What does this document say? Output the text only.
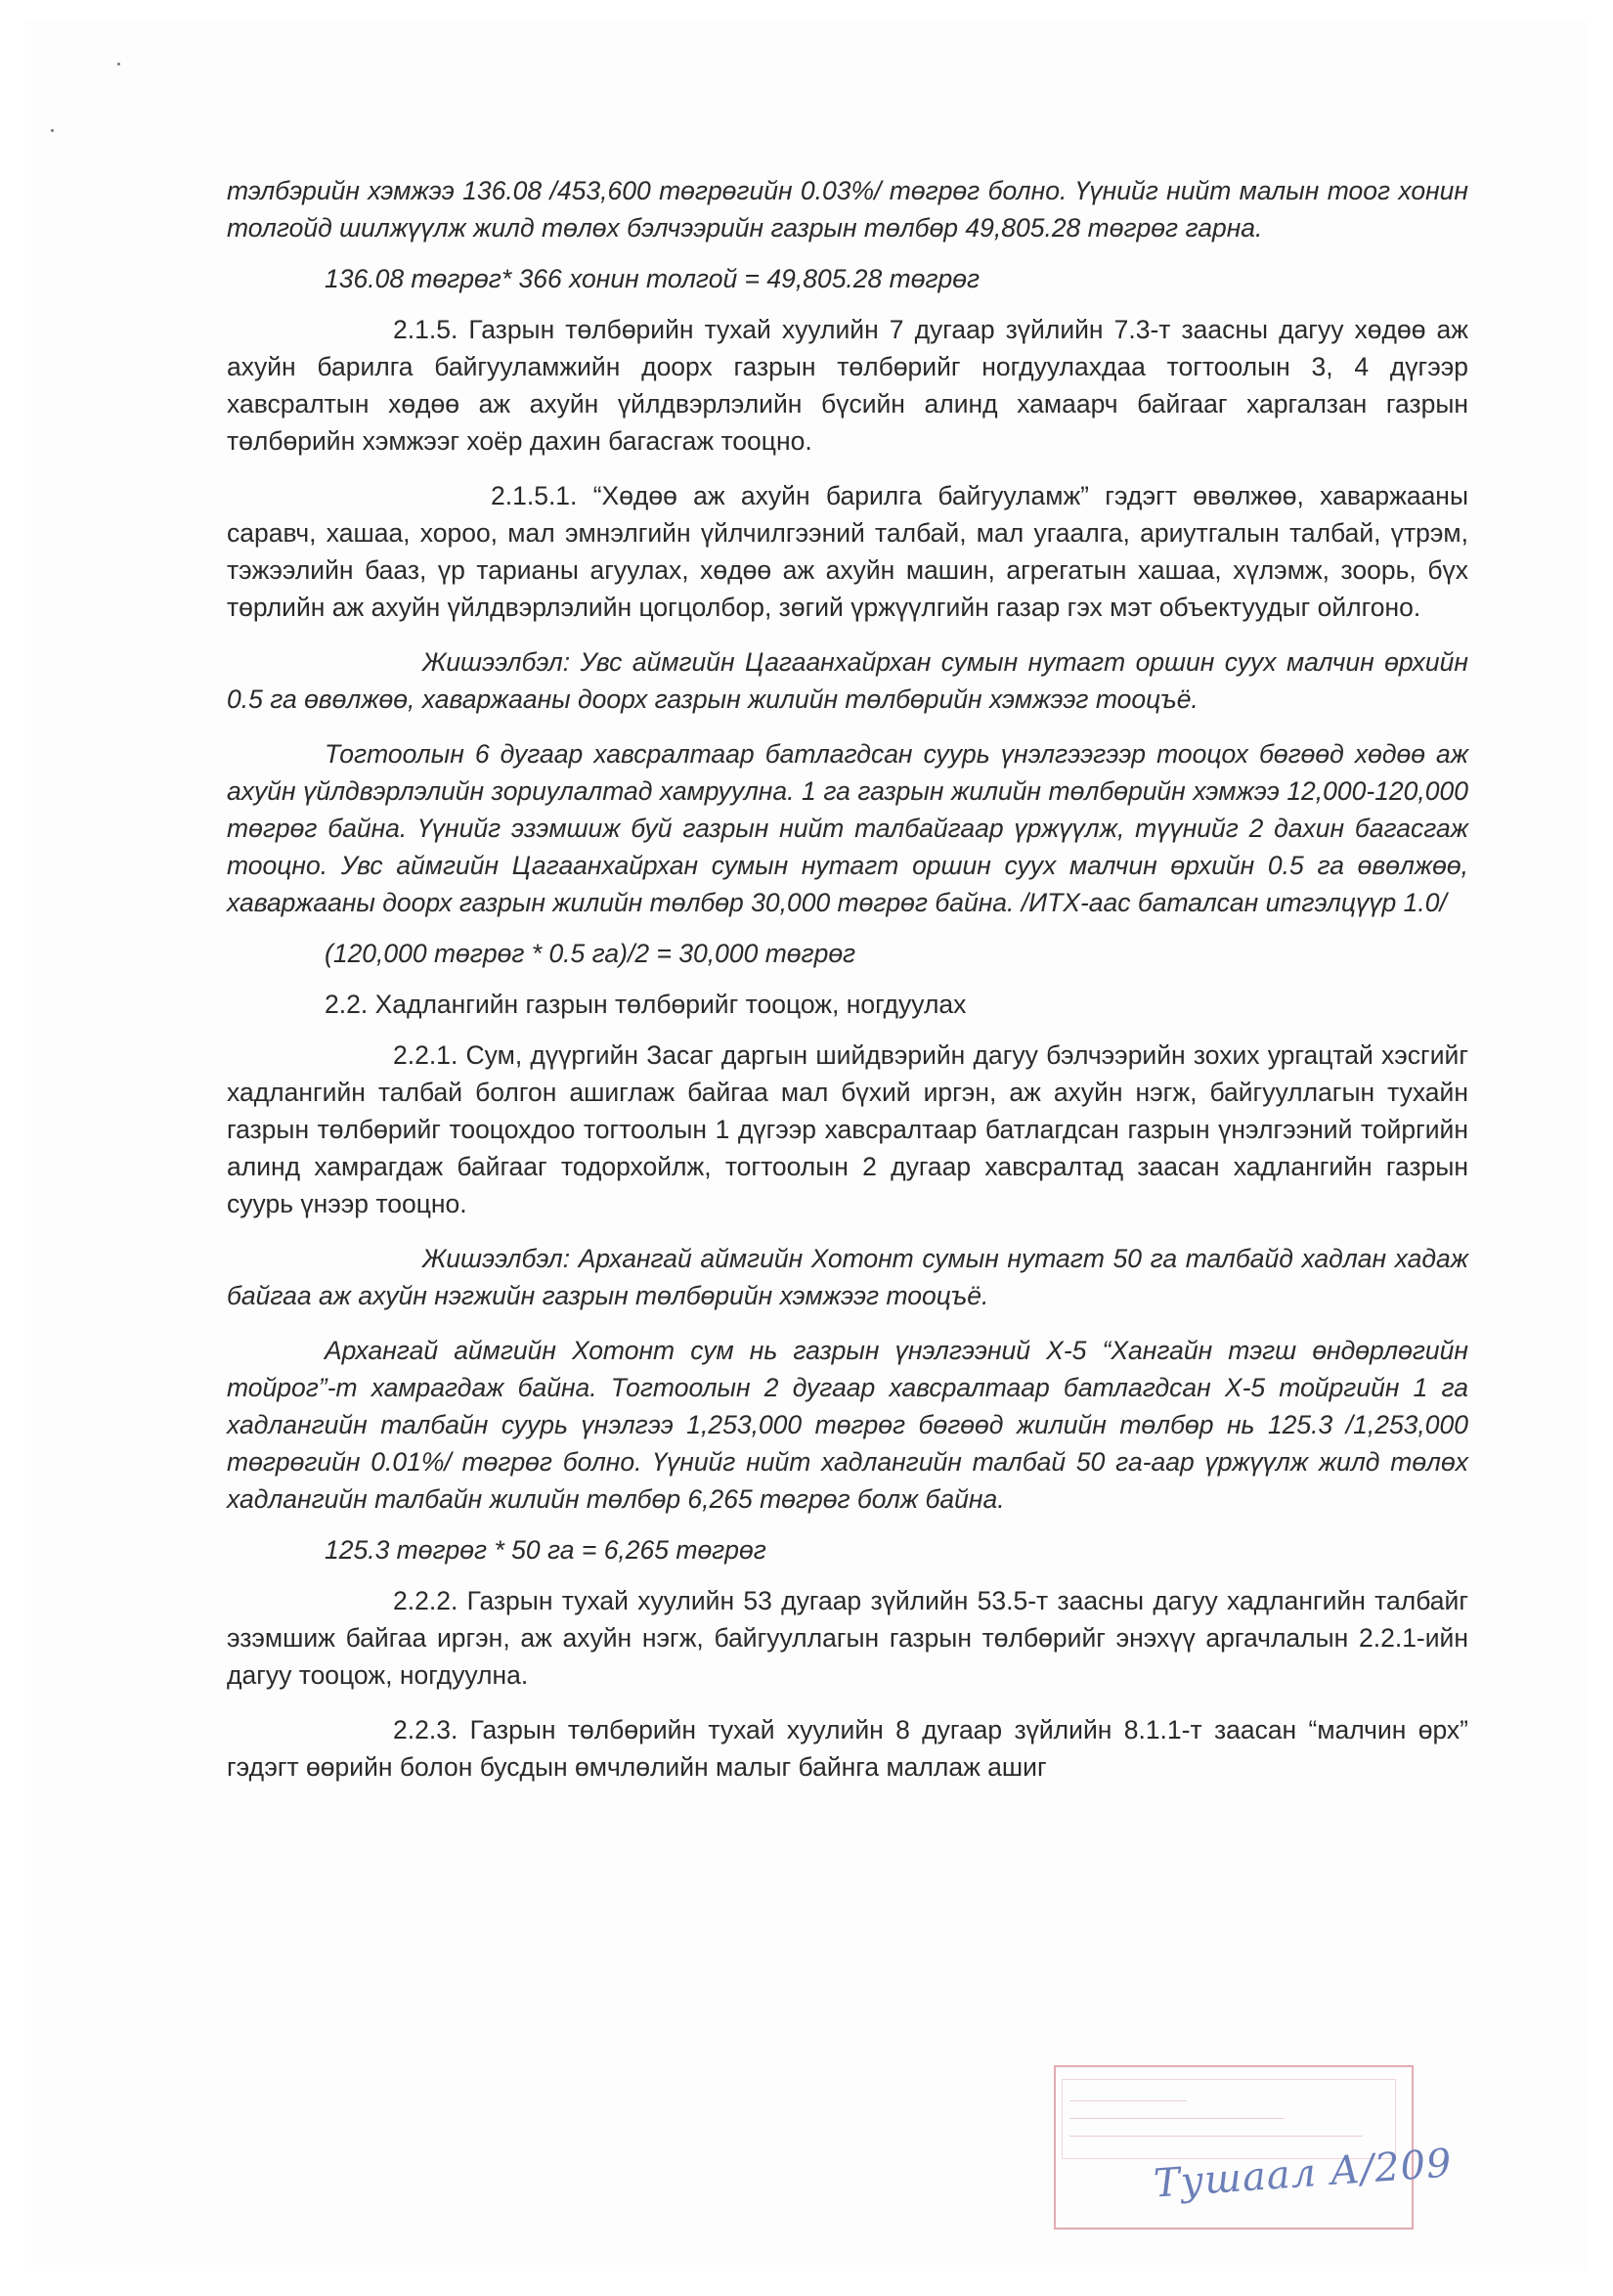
тэлбэрийн хэмжээ 136.08 /453,600 төгрөгийн 0.03%/ төгрөг болно. Үүнийг нийт малын тоог хонин толгойд шилжүүлж жилд төлөх бэлчээрийн газрын төлбөр 49,805.28 төгрөг гарна.

136.08 төгрөг* 366 хонин толгой = 49,805.28 төгрөг

2.1.5. Газрын төлбөрийн тухай хуулийн 7 дугаар зүйлийн 7.3-т заасны дагуу хөдөө аж ахуйн барилга байгууламжийн доорх газрын төлбөрийг ногдуулахдаа тогтоолын 3, 4 дүгээр хавсралтын хөдөө аж ахуйн үйлдвэрлэлийн бүсийн алинд хамаарч байгааг харгалзан газрын төлбөрийн хэмжээг хоёр дахин багасгаж тооцно.

2.1.5.1. “Хөдөө аж ахуйн барилга байгууламж” гэдэгт өвөлжөө, хаваржааны саравч, хашаа, хороо, мал эмнэлгийн үйлчилгээний талбай, мал угаалга, ариутгалын талбай, үтрэм, тэжээлийн бааз, үр тарианы агуулах, хөдөө аж ахуйн машин, агрегатын хашаа, хүлэмж, зоорь, бүх төрлийн аж ахуйн үйлдвэрлэлийн цогцолбор, зөгий үржүүлгийн газар гэх мэт объектуудыг ойлгоно.

Жишээлбэл: Увс аймгийн Цагаанхайрхан сумын нутагт оршин суух малчин өрхийн 0.5 га өвөлжөө, хаваржааны доорх газрын жилийн төлбөрийн хэмжээг тооцъё.

Тогтоолын 6 дугаар хавсралтаар батлагдсан суурь үнэлгээгээр тооцох бөгөөд хөдөө аж ахуйн үйлдвэрлэлийн зориулалтад хамруулна. 1 га газрын жилийн төлбөрийн хэмжээ 12,000-120,000 төгрөг байна. Үүнийг эзэмшиж буй газрын нийт талбайгаар үржүүлж, түүнийг 2 дахин багасгаж тооцно. Увс аймгийн Цагаанхайрхан сумын нутагт оршин суух малчин өрхийн 0.5 га өвөлжөө, хаваржааны доорх газрын жилийн төлбөр 30,000 төгрөг байна. /ИТХ-аас баталсан итгэлцүүр 1.0/

(120,000 төгрөг * 0.5 га)/2 = 30,000 төгрөг

2.2. Хадлангийн газрын төлбөрийг тооцож, ногдуулах

2.2.1. Сум, дүүргийн Засаг даргын шийдвэрийн дагуу бэлчээрийн зохих ургацтай хэсгийг хадлангийн талбай болгон ашиглаж байгаа мал бүхий иргэн, аж ахуйн нэгж, байгууллагын тухайн газрын төлбөрийг тооцохдоо тогтоолын 1 дүгээр хавсралтаар батлагдсан газрын үнэлгээний тойргийн алинд хамрагдаж байгааг тодорхойлж, тогтоолын 2 дугаар хавсралтад заасан хадлангийн газрын суурь үнээр тооцно.

Жишээлбэл: Архангай аймгийн Хотонт сумын нутагт 50 га талбайд хадлан хадаж байгаа аж ахуйн нэгжийн газрын төлбөрийн хэмжээг тооцъё.

Архангай аймгийн Хотонт сум нь газрын үнэлгээний Х-5 “Хангайн тэгш өндөрлөгийн тойрог”-т хамрагдаж байна. Тогтоолын 2 дугаар хавсралтаар батлагдсан Х-5 тойргийн 1 га хадлангийн талбайн суурь үнэлгээ 1,253,000 төгрөг бөгөөд жилийн төлбөр нь 125.3 /1,253,000 төгрөгийн 0.01%/ төгрөг болно. Үүнийг нийт хадлангийн талбай 50 га-аар үржүүлж жилд төлөх хадлангийн талбайн жилийн төлбөр 6,265 төгрөг болж байна.

125.3 төгрөг * 50 га = 6,265 төгрөг

2.2.2. Газрын тухай хуулийн 53 дугаар зүйлийн 53.5-т заасны дагуу хадлангийн талбайг эзэмшиж байгаа иргэн, аж ахуйн нэгж, байгууллагын газрын төлбөрийг энэхүү аргачлалын 2.2.1-ийн дагуу тооцож, ногдуулна.

2.2.3. Газрын төлбөрийн тухай хуулийн 8 дугаар зүйлийн 8.1.1-т заасан “малчин өрх” гэдэгт өөрийн болон бусдын өмчлөлийн малыг байнга маллаж ашиг

Тушаал А/209
